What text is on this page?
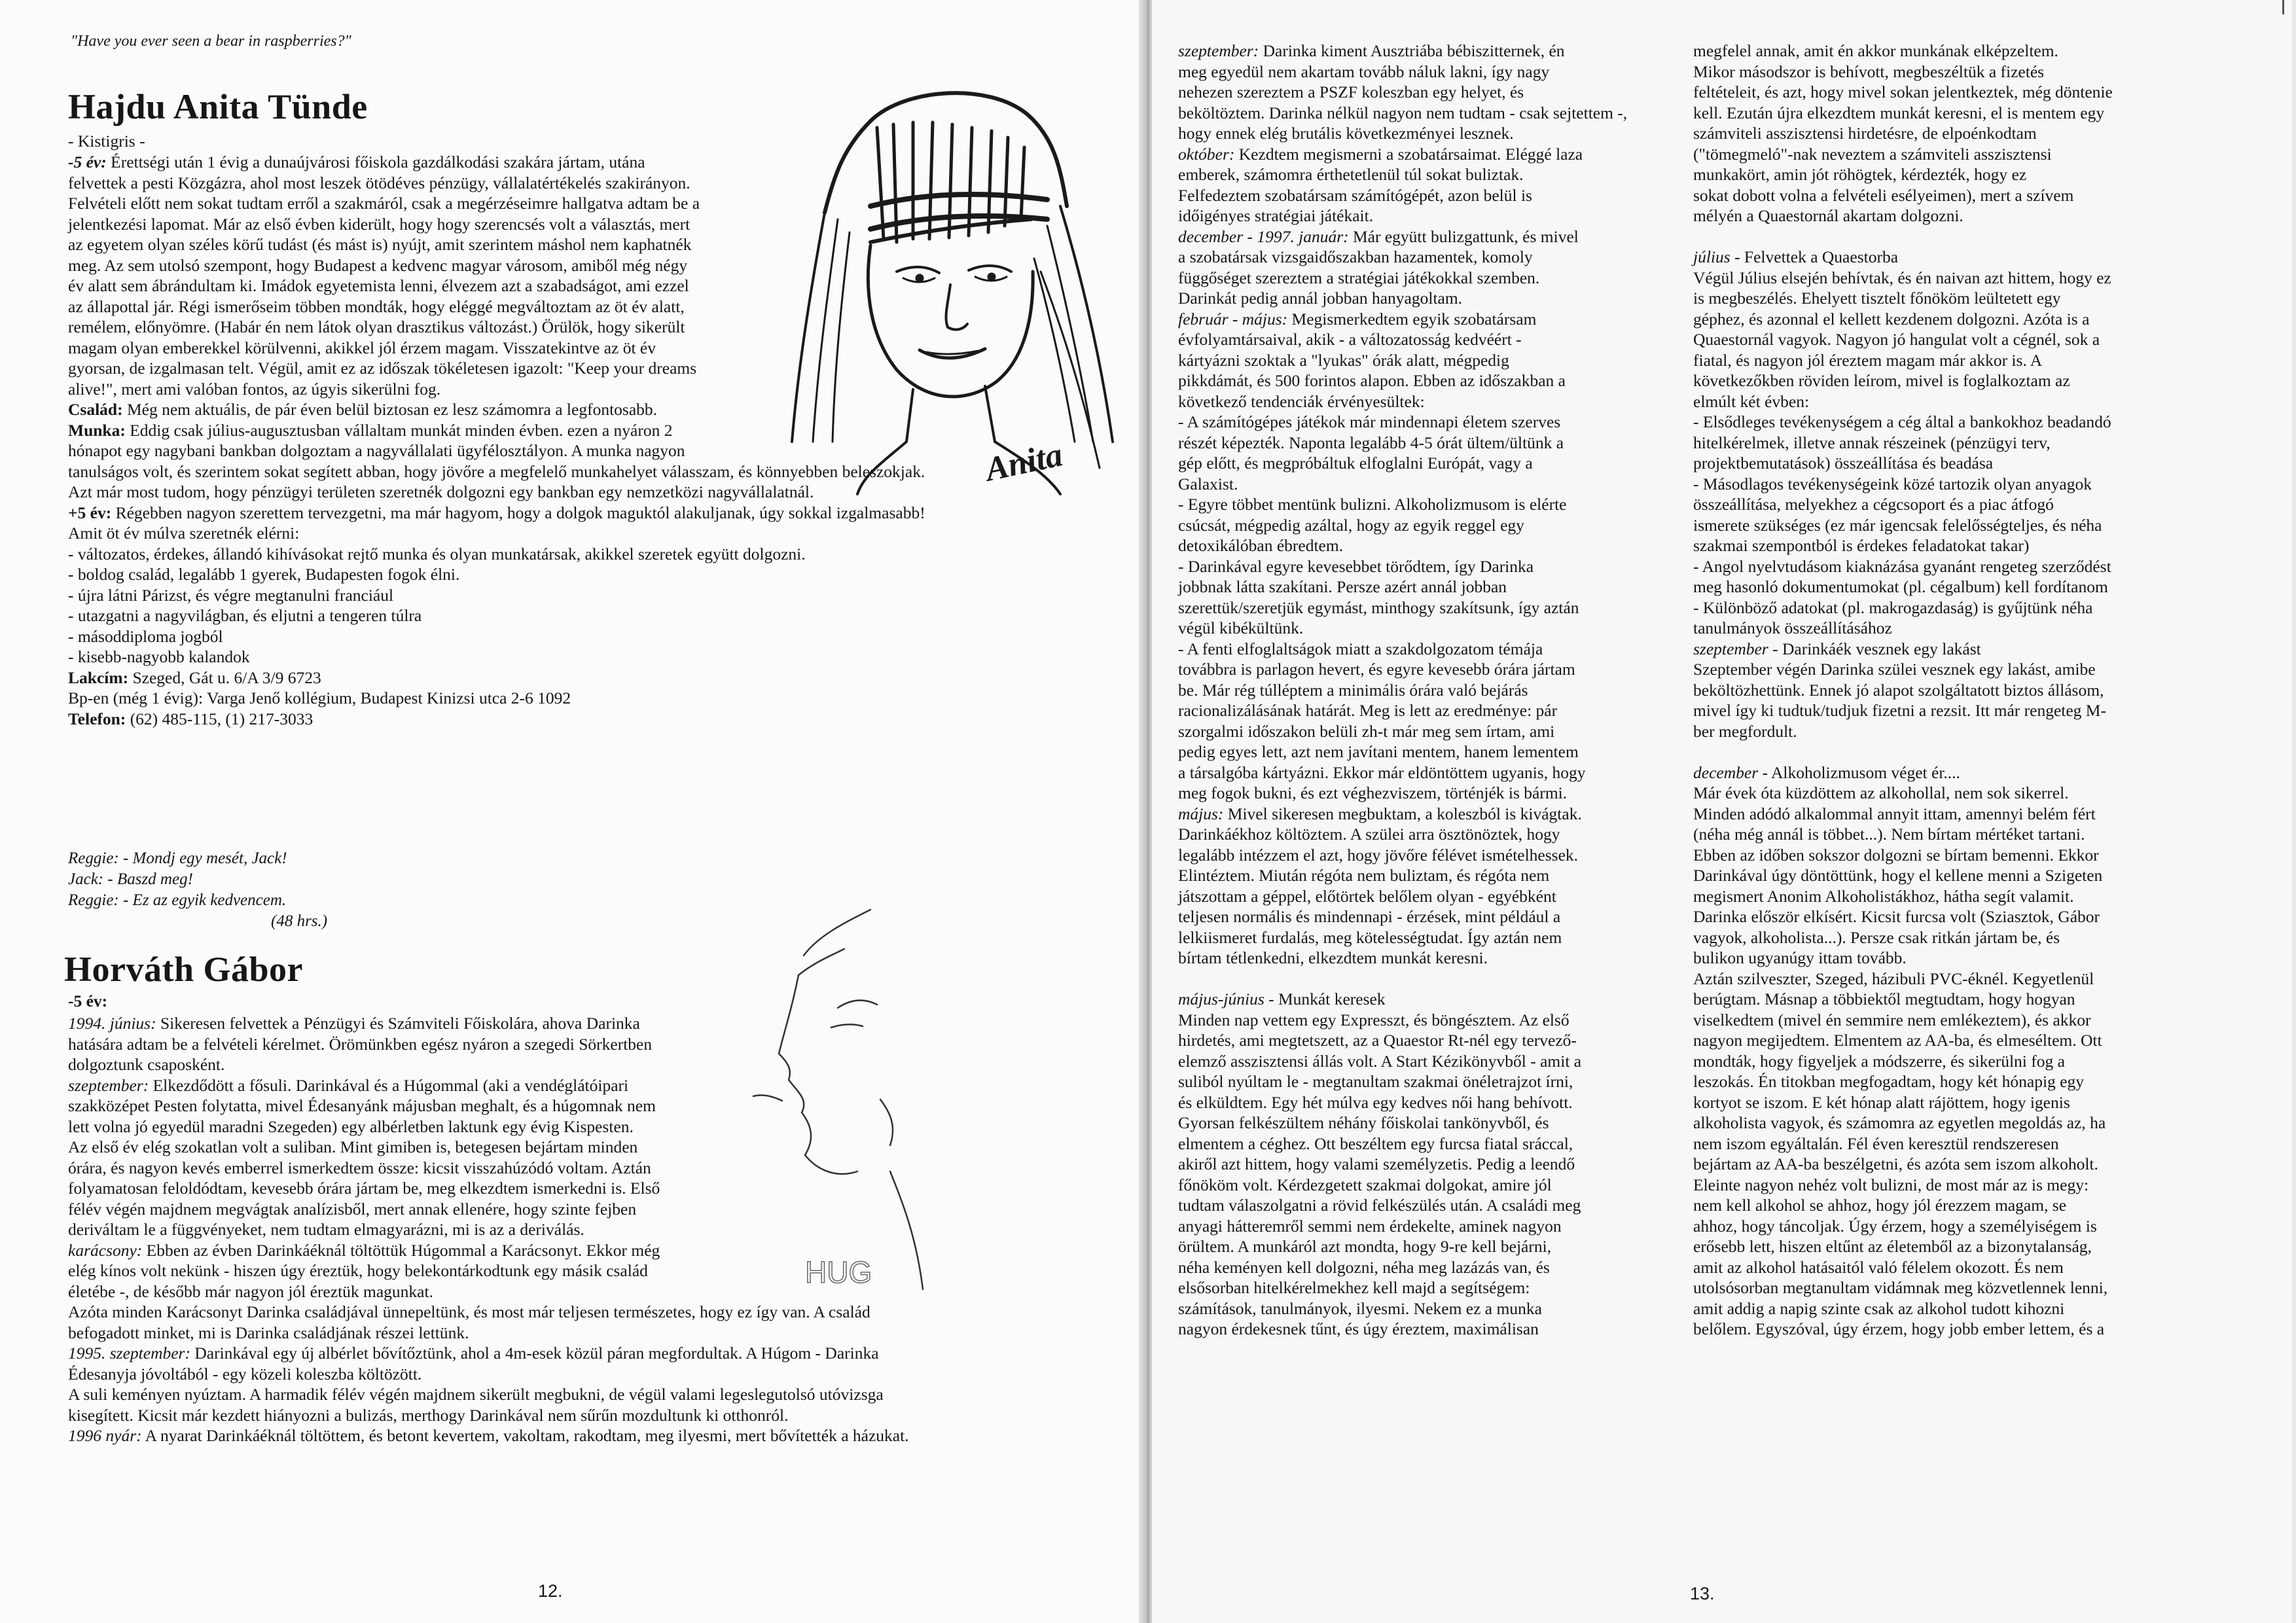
"Have you ever seen a bear in raspberries?"
Hajdu Anita Tünde
- Kistigris -

-5 év: Érettségi után 1 évig a dunaújvárosi főiskola gazdálkodási szakára jártam, utána

felvettek a pesti Közgázra, ahol most leszek ötödéves pénzügy, vállalatértékelés szakirányon.

Felvételi előtt nem sokat tudtam erről a szakmáról, csak a megérzéseimre hallgatva adtam be a

jelentkezési lapomat. Már az első évben kiderült, hogy hogy szerencsés volt a választás, mert

az egyetem olyan széles körű tudást (és mást is) nyújt, amit szerintem máshol nem kaphatnék

meg. Az sem utolsó szempont, hogy Budapest a kedvenc magyar városom, amiből még négy

év alatt sem ábrándultam ki. Imádok egyetemista lenni, élvezem azt a szabadságot, ami ezzel

az állapottal jár. Régi ismerőseim többen mondták, hogy eléggé megváltoztam az öt év alatt,

remélem, előnyömre. (Habár én nem látok olyan drasztikus változást.) Örülök, hogy sikerült

magam olyan emberekkel körülvenni, akikkel jól érzem magam. Visszatekintve az öt év

gyorsan, de izgalmasan telt. Végül, amit ez az időszak tökéletesen igazolt: "Keep your dreams

alive!", mert ami valóban fontos, az úgyis sikerülni fog.

Család: Még nem aktuális, de pár éven belül biztosan ez lesz számomra a legfontosabb.

Munka: Eddig csak július-augusztusban vállaltam munkát minden évben. ezen a nyáron 2

hónapot egy nagybani bankban dolgoztam a nagyvállalati ügyfélosztályon. A munka nagyon

tanulságos volt, és szerintem sokat segített abban, hogy jövőre a megfelelő munkahelyet válasszam, és könnyebben beleszokjak.

Azt már most tudom, hogy pénzügyi területen szeretnék dolgozni egy bankban egy nemzetközi nagyvállalatnál.

+5 év: Régebben nagyon szerettem tervezgetni, ma már hagyom, hogy a dolgok maguktól alakuljanak, úgy sokkal izgalmasabb!

Amit öt év múlva szeretnék elérni:

- változatos, érdekes, állandó kihívásokat rejtő munka és olyan munkatársak, akikkel szeretek együtt dolgozni.

- boldog család, legalább 1 gyerek, Budapesten fogok élni.

- újra látni Párizst, és végre megtanulni franciául

- utazgatni a nagyvilágban, és eljutni a tengeren túlra

- másoddiploma jogból

- kisebb-nagyobb kalandok

Lakcím: Szeged, Gát u. 6/A 3/9 6723

Bp-en (még 1 évig): Varga Jenő kollégium, Budapest Kinizsi utca 2-6 1092

Telefon: (62) 485-115, (1) 217-3033

Anita
Reggie: - Mondj egy mesét, Jack!
Jack: - Baszd meg!
Reggie: - Ez az egyik kedvencem.
(48 hrs.)
Horváth Gábor
-5 év:

1994. június: Sikeresen felvettek a Pénzügyi és Számviteli Főiskolára, ahova Darinka

hatására adtam be a felvételi kérelmet. Örömünkben egész nyáron a szegedi Sörkertben

dolgoztunk csaposként.

szeptember: Elkezdődött a fősuli. Darinkával és a Húgommal (aki a vendéglátóipari

szakközépet Pesten folytatta, mivel Édesanyánk májusban meghalt, és a húgomnak nem

lett volna jó egyedül maradni Szegeden) egy albérletben laktunk egy évig Kispesten.

Az első év elég szokatlan volt a suliban. Mint gimiben is, betegesen bejártam minden

órára, és nagyon kevés emberrel ismerkedtem össze: kicsit visszahúzódó voltam. Aztán

folyamatosan feloldódtam, kevesebb órára jártam be, meg elkezdtem ismerkedni is. Első

félév végén majdnem megvágtak analízisből, mert annak ellenére, hogy szinte fejben

deriváltam le a függvényeket, nem tudtam elmagyarázni, mi is az a deriválás.

karácsony: Ebben az évben Darinkáéknál töltöttük Húgommal a Karácsonyt. Ekkor még

elég kínos volt nekünk - hiszen úgy éreztük, hogy belekontárkodtunk egy másik család

életébe -, de később már nagyon jól éreztük magunkat.

Azóta minden Karácsonyt Darinka családjával ünnepeltünk, és most már teljesen természetes, hogy ez így van. A család

befogadott minket, mi is Darinka családjának részei lettünk.

1995. szeptember: Darinkával egy új albérlet bővítőztünk, ahol a 4m-esek közül páran megfordultak. A Húgom - Darinka

Édesanyja jóvoltából - egy közeli koleszba költözött.

A suli keményen nyúztam. A harmadik félév végén majdnem sikerült megbukni, de végül valami legeslegutolsó utóvizsga

kisegített. Kicsit már kezdett hiányozni a bulizás, merthogy Darinkával nem sűrűn mozdultunk ki otthonról.

1996 nyár: A nyarat Darinkáéknál töltöttem, és betont kevertem, vakoltam, rakodtam, meg ilyesmi, mert bővítették a házukat.

HUG
12.

szeptember: Darinka kiment Ausztriába bébiszitternek, én

meg egyedül nem akartam tovább náluk lakni, így nagy

nehezen szereztem a PSZF koleszban egy helyet, és

beköltöztem. Darinka nélkül nagyon nem tudtam - csak sejtettem -,

hogy ennek elég brutális következményei lesznek.

október: Kezdtem megismerni a szobatársaimat. Eléggé laza

emberek, számomra érthetetlenül túl sokat buliztak.

Felfedeztem szobatársam számítógépét, azon belül is

időigényes stratégiai játékait.

december - 1997. január: Már együtt bulizgattunk, és mivel

a szobatársak vizsgaidőszakban hazamentek, komoly

függőséget szereztem a stratégiai játékokkal szemben.

Darinkát pedig annál jobban hanyagoltam.

február - május: Megismerkedtem egyik szobatársam

évfolyamtársaival, akik - a változatosság kedvéért -

kártyázni szoktak a "lyukas" órák alatt, mégpedig

pikkdámát, és 500 forintos alapon. Ebben az időszakban a

következő tendenciák érvényesültek:

- A számítógépes játékok már mindennapi életem szerves

részét képezték. Naponta legalább 4-5 órát ültem/ültünk a

gép előtt, és megpróbáltuk elfoglalni Európát, vagy a

Galaxist.

- Egyre többet mentünk bulizni. Alkoholizmusom is elérte

csúcsát, mégpedig azáltal, hogy az egyik reggel egy

detoxikálóban ébredtem.

- Darinkával egyre kevesebbet törődtem, így Darinka

jobbnak látta szakítani. Persze azért annál jobban

szerettük/szeretjük egymást, minthogy szakítsunk, így aztán

végül kibékültünk.

- A fenti elfoglaltságok miatt a szakdolgozatom témája

továbbra is parlagon hevert, és egyre kevesebb órára jártam

be. Már rég túlléptem a minimális órára való bejárás

racionalizálásának határát. Meg is lett az eredménye: pár

szorgalmi időszakon belüli zh-t már meg sem írtam, ami

pedig egyes lett, azt nem javítani mentem, hanem lementem

a társalgóba kártyázni. Ekkor már eldöntöttem ugyanis, hogy

meg fogok bukni, és ezt véghezviszem, történjék is bármi.

május: Mivel sikeresen megbuktam, a koleszból is kivágtak.

Darinkáékhoz költöztem. A szülei arra ösztönöztek, hogy

legalább intézzem el azt, hogy jövőre félévet ismételhessek.

Elintéztem. Miután régóta nem buliztam, és régóta nem

játszottam a géppel, előtörtek belőlem olyan - egyébként

teljesen normális és mindennapi - érzések, mint például a

lelkiismeret furdalás, meg kötelességtudat. Így aztán nem

bírtam tétlenkedni, elkezdtem munkát keresni.

május-június - Munkát keresek

Minden nap vettem egy Expresszt, és böngésztem. Az első

hirdetés, ami megtetszett, az a Quaestor Rt-nél egy tervező-

elemző asszisztensi állás volt. A Start Kézikönyvből - amit a

suliból nyúltam le - megtanultam szakmai önéletrajzot írni,

és elküldtem. Egy hét múlva egy kedves női hang behívott.

Gyorsan felkészültem néhány főiskolai tankönyvből, és

elmentem a céghez. Ott beszéltem egy furcsa fiatal sráccal,

akiről azt hittem, hogy valami személyzetis. Pedig a leendő

főnököm volt. Kérdezgetett szakmai dolgokat, amire jól

tudtam válaszolgatni a rövid felkészülés után. A családi meg

anyagi hátteremről semmi nem érdekelte, aminek nagyon

örültem. A munkáról azt mondta, hogy 9-re kell bejárni,

néha keményen kell dolgozni, néha meg lazázás van, és

elsősorban hitelkérelmekhez kell majd a segítségem:

számítások, tanulmányok, ilyesmi. Nekem ez a munka

nagyon érdekesnek tűnt, és úgy éreztem, maximálisan

megfelel annak, amit én akkor munkának elképzeltem.

Mikor másodszor is behívott, megbeszéltük a fizetés

feltételeit, és azt, hogy mivel sokan jelentkeztek, még döntenie

kell. Ezután újra elkezdtem munkát keresni, el is mentem egy

számviteli asszisztensi hirdetésre, de elpoénkodtam

("tömegmeló"-nak neveztem a számviteli asszisztensi

munkakört, amin jót röhögtek, kérdezték, hogy ez

sokat dobott volna a felvételi esélyeimen), mert a szívem

mélyén a Quaestornál akartam dolgozni.

július - Felvettek a Quaestorba

Végül Július elsején behívtak, és én naivan azt hittem, hogy ez

is megbeszélés. Ehelyett tisztelt főnököm leültetett egy

géphez, és azonnal el kellett kezdenem dolgozni. Azóta is a

Quaestornál vagyok. Nagyon jó hangulat volt a cégnél, sok a

fiatal, és nagyon jól éreztem magam már akkor is. A

következőkben röviden leírom, mivel is foglalkoztam az

elmúlt két évben:

- Elsődleges tevékenységem a cég által a bankokhoz beadandó

hitelkérelmek, illetve annak részeinek (pénzügyi terv,

projektbemutatások) összeállítása és beadása

- Másodlagos tevékenységeink közé tartozik olyan anyagok

összeállítása, melyekhez a cégcsoport és a piac átfogó

ismerete szükséges (ez már igencsak felelősségteljes, és néha

szakmai szempontból is érdekes feladatokat takar)

- Angol nyelvtudásom kiaknázása gyanánt rengeteg szerződést

meg hasonló dokumentumokat (pl. cégalbum) kell fordítanom

- Különböző adatokat (pl. makrogazdaság) is gyűjtünk néha

tanulmányok összeállításához

szeptember - Darinkáék vesznek egy lakást

Szeptember végén Darinka szülei vesznek egy lakást, amibe

beköltözhettünk. Ennek jó alapot szolgáltatott biztos állásom,

mivel így ki tudtuk/tudjuk fizetni a rezsit. Itt már rengeteg M-

ber megfordult.

december - Alkoholizmusom véget ér....

Már évek óta küzdöttem az alkohollal, nem sok sikerrel.

Minden adódó alkalommal annyit ittam, amennyi belém fért

(néha még annál is többet...). Nem bírtam mértéket tartani.

Ebben az időben sokszor dolgozni se bírtam bemenni. Ekkor

Darinkával úgy döntöttünk, hogy el kellene menni a Szigeten

megismert Anonim Alkoholistákhoz, hátha segít valamit.

Darinka először elkísért. Kicsit furcsa volt (Sziasztok, Gábor

vagyok, alkoholista...). Persze csak ritkán jártam be, és

bulikon ugyanúgy ittam tovább.

Aztán szilveszter, Szeged, házibuli PVC-éknél. Kegyetlenül

berúgtam. Másnap a többiektől megtudtam, hogy hogyan

viselkedtem (mivel én semmire nem emlékeztem), és akkor

nagyon megijedtem. Elmentem az AA-ba, és elmeséltem. Ott

mondták, hogy figyeljek a módszerre, és sikerülni fog a

leszokás. Én titokban megfogadtam, hogy két hónapig egy

kortyot se iszom. E két hónap alatt rájöttem, hogy igenis

alkoholista vagyok, és számomra az egyetlen megoldás az, ha

nem iszom egyáltalán. Fél éven keresztül rendszeresen

bejártam az AA-ba beszélgetni, és azóta sem iszom alkoholt.

Eleinte nagyon nehéz volt bulizni, de most már az is megy:

nem kell alkohol se ahhoz, hogy jól érezzem magam, se

ahhoz, hogy táncoljak. Úgy érzem, hogy a személyiségem is

erősebb lett, hiszen eltűnt az életemből az a bizonytalanság,

amit az alkohol hatásaitól való félelem okozott. És nem

utolsósorban megtanultam vidámnak meg közvetlennek lenni,

amit addig a napig szinte csak az alkohol tudott kihozni

belőlem. Egyszóval, úgy érzem, hogy jobb ember lettem, és a

13.
